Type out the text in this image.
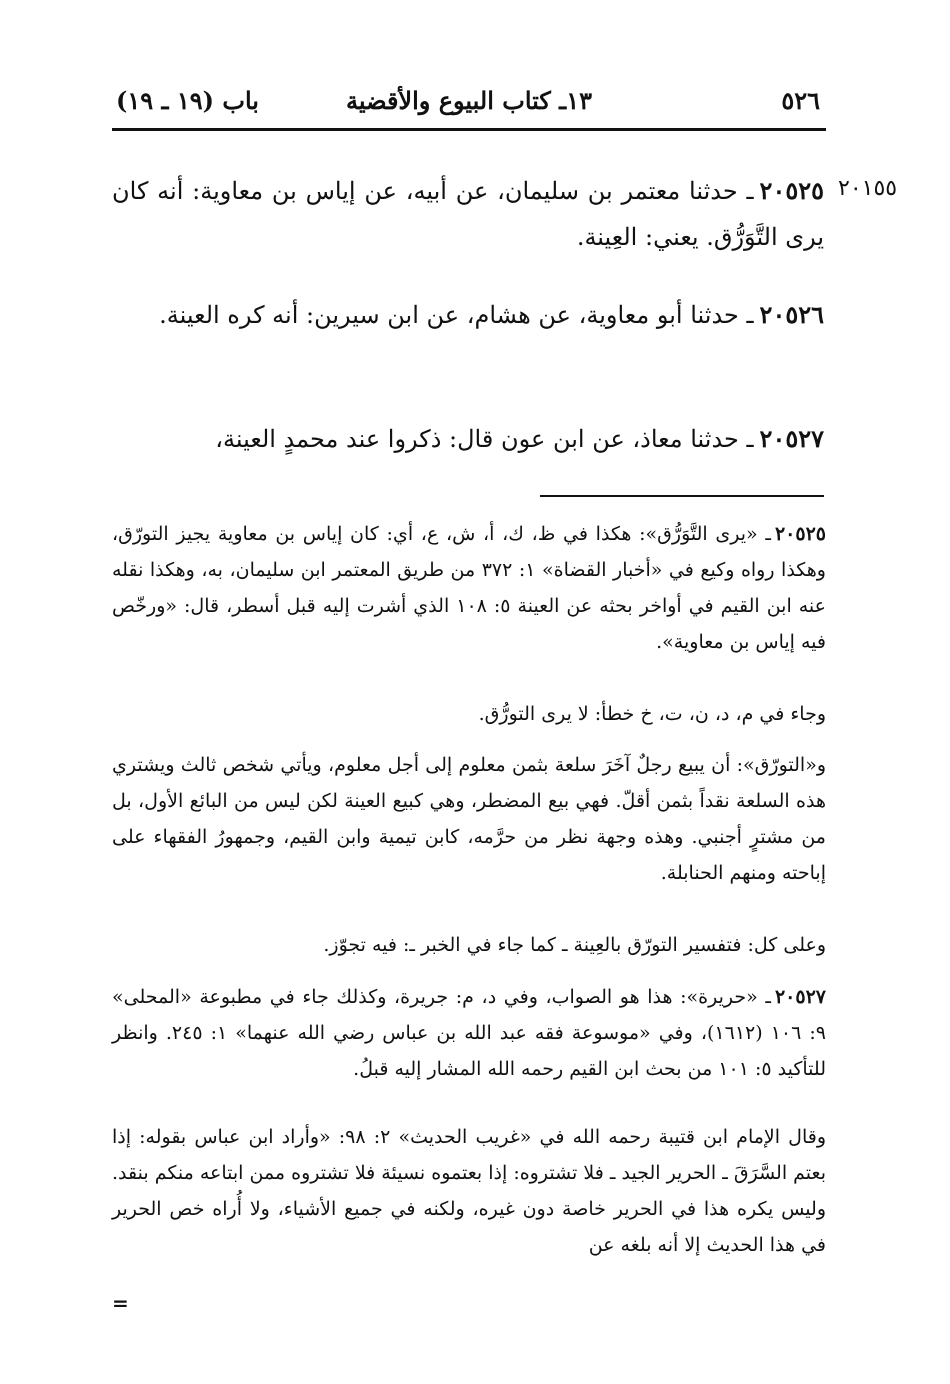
٥٢٦
١٣ـ كتاب البيوع والأقضية
باب (١٩ ـ ١٩)
٢٠١٥٥

٢٠٥٢٥ـ حدثنا معتمر بن سليمان، عن أبيه، عن إياس بن معاوية: أنه كان يرى التَّوَرُّق. يعني: العِينة.

٢٠٥٢٦ـ حدثنا أبو معاوية، عن هشام، عن ابن سيرين: أنه كره العينة.

٢٠٥٢٧ـ حدثنا معاذ، عن ابن عون قال: ذكروا عند محمدٍ العينة،

٢٠٥٢٥ـ «يرى التَّوَرُّق»: هكذا في ظ، ك، أ، ش، ع، أي: كان إياس بن معاوية يجيز التورّق، وهكذا رواه وكيع في «أخبار القضاة» ١: ٣٧٢ من طريق المعتمر ابن سليمان، به، وهكذا نقله عنه ابن القيم في أواخر بحثه عن العينة ٥: ١٠٨ الذي أشرت إليه قبل أسطر، قال: «ورخّص فيه إياس بن معاوية».

وجاء في م، د، ن، ت، خ خطأ: لا يرى التورُّق.

و«التورّق»: أن يبيع رجلٌ آخَرَ سلعة بثمن معلوم إلى أجل معلوم، ويأتي شخص ثالث ويشتري هذه السلعة نقداً بثمن أقلّ. فهي بيع المضطر، وهي كبيع العينة لكن ليس من البائع الأول، بل من مشترٍ أجنبي. وهذه وجهة نظر من حرَّمه، كابن تيمية وابن القيم، وجمهورُ الفقهاء على إباحته ومنهم الحنابلة.

وعلى كل: فتفسير التورّق بالعِينة ـ كما جاء في الخبر ـ: فيه تجوّز.

٢٠٥٢٧ـ «حريرة»: هذا هو الصواب، وفي د، م: جريرة، وكذلك جاء في مطبوعة «المحلى» ٩: ١٠٦ (١٦١٢)، وفي «موسوعة فقه عبد الله بن عباس رضي الله عنهما» ١: ٢٤٥. وانظر للتأكيد ٥: ١٠١ من بحث ابن القيم رحمه الله المشار إليه قبلُ.

وقال الإمام ابن قتيبة رحمه الله في «غريب الحديث» ٢: ٩٨: «وأراد ابن عباس بقوله: إذا بعتم السَّرَقَ ـ الحرير الجيد ـ فلا تشتروه: إذا بعتموه نسيئة فلا تشتروه ممن ابتاعه منكم بنقد. وليس يكره هذا في الحرير خاصة دون غيره، ولكنه في جميع الأشياء، ولا أُراه خص الحرير في هذا الحديث إلا أنه بلغه عن

=
